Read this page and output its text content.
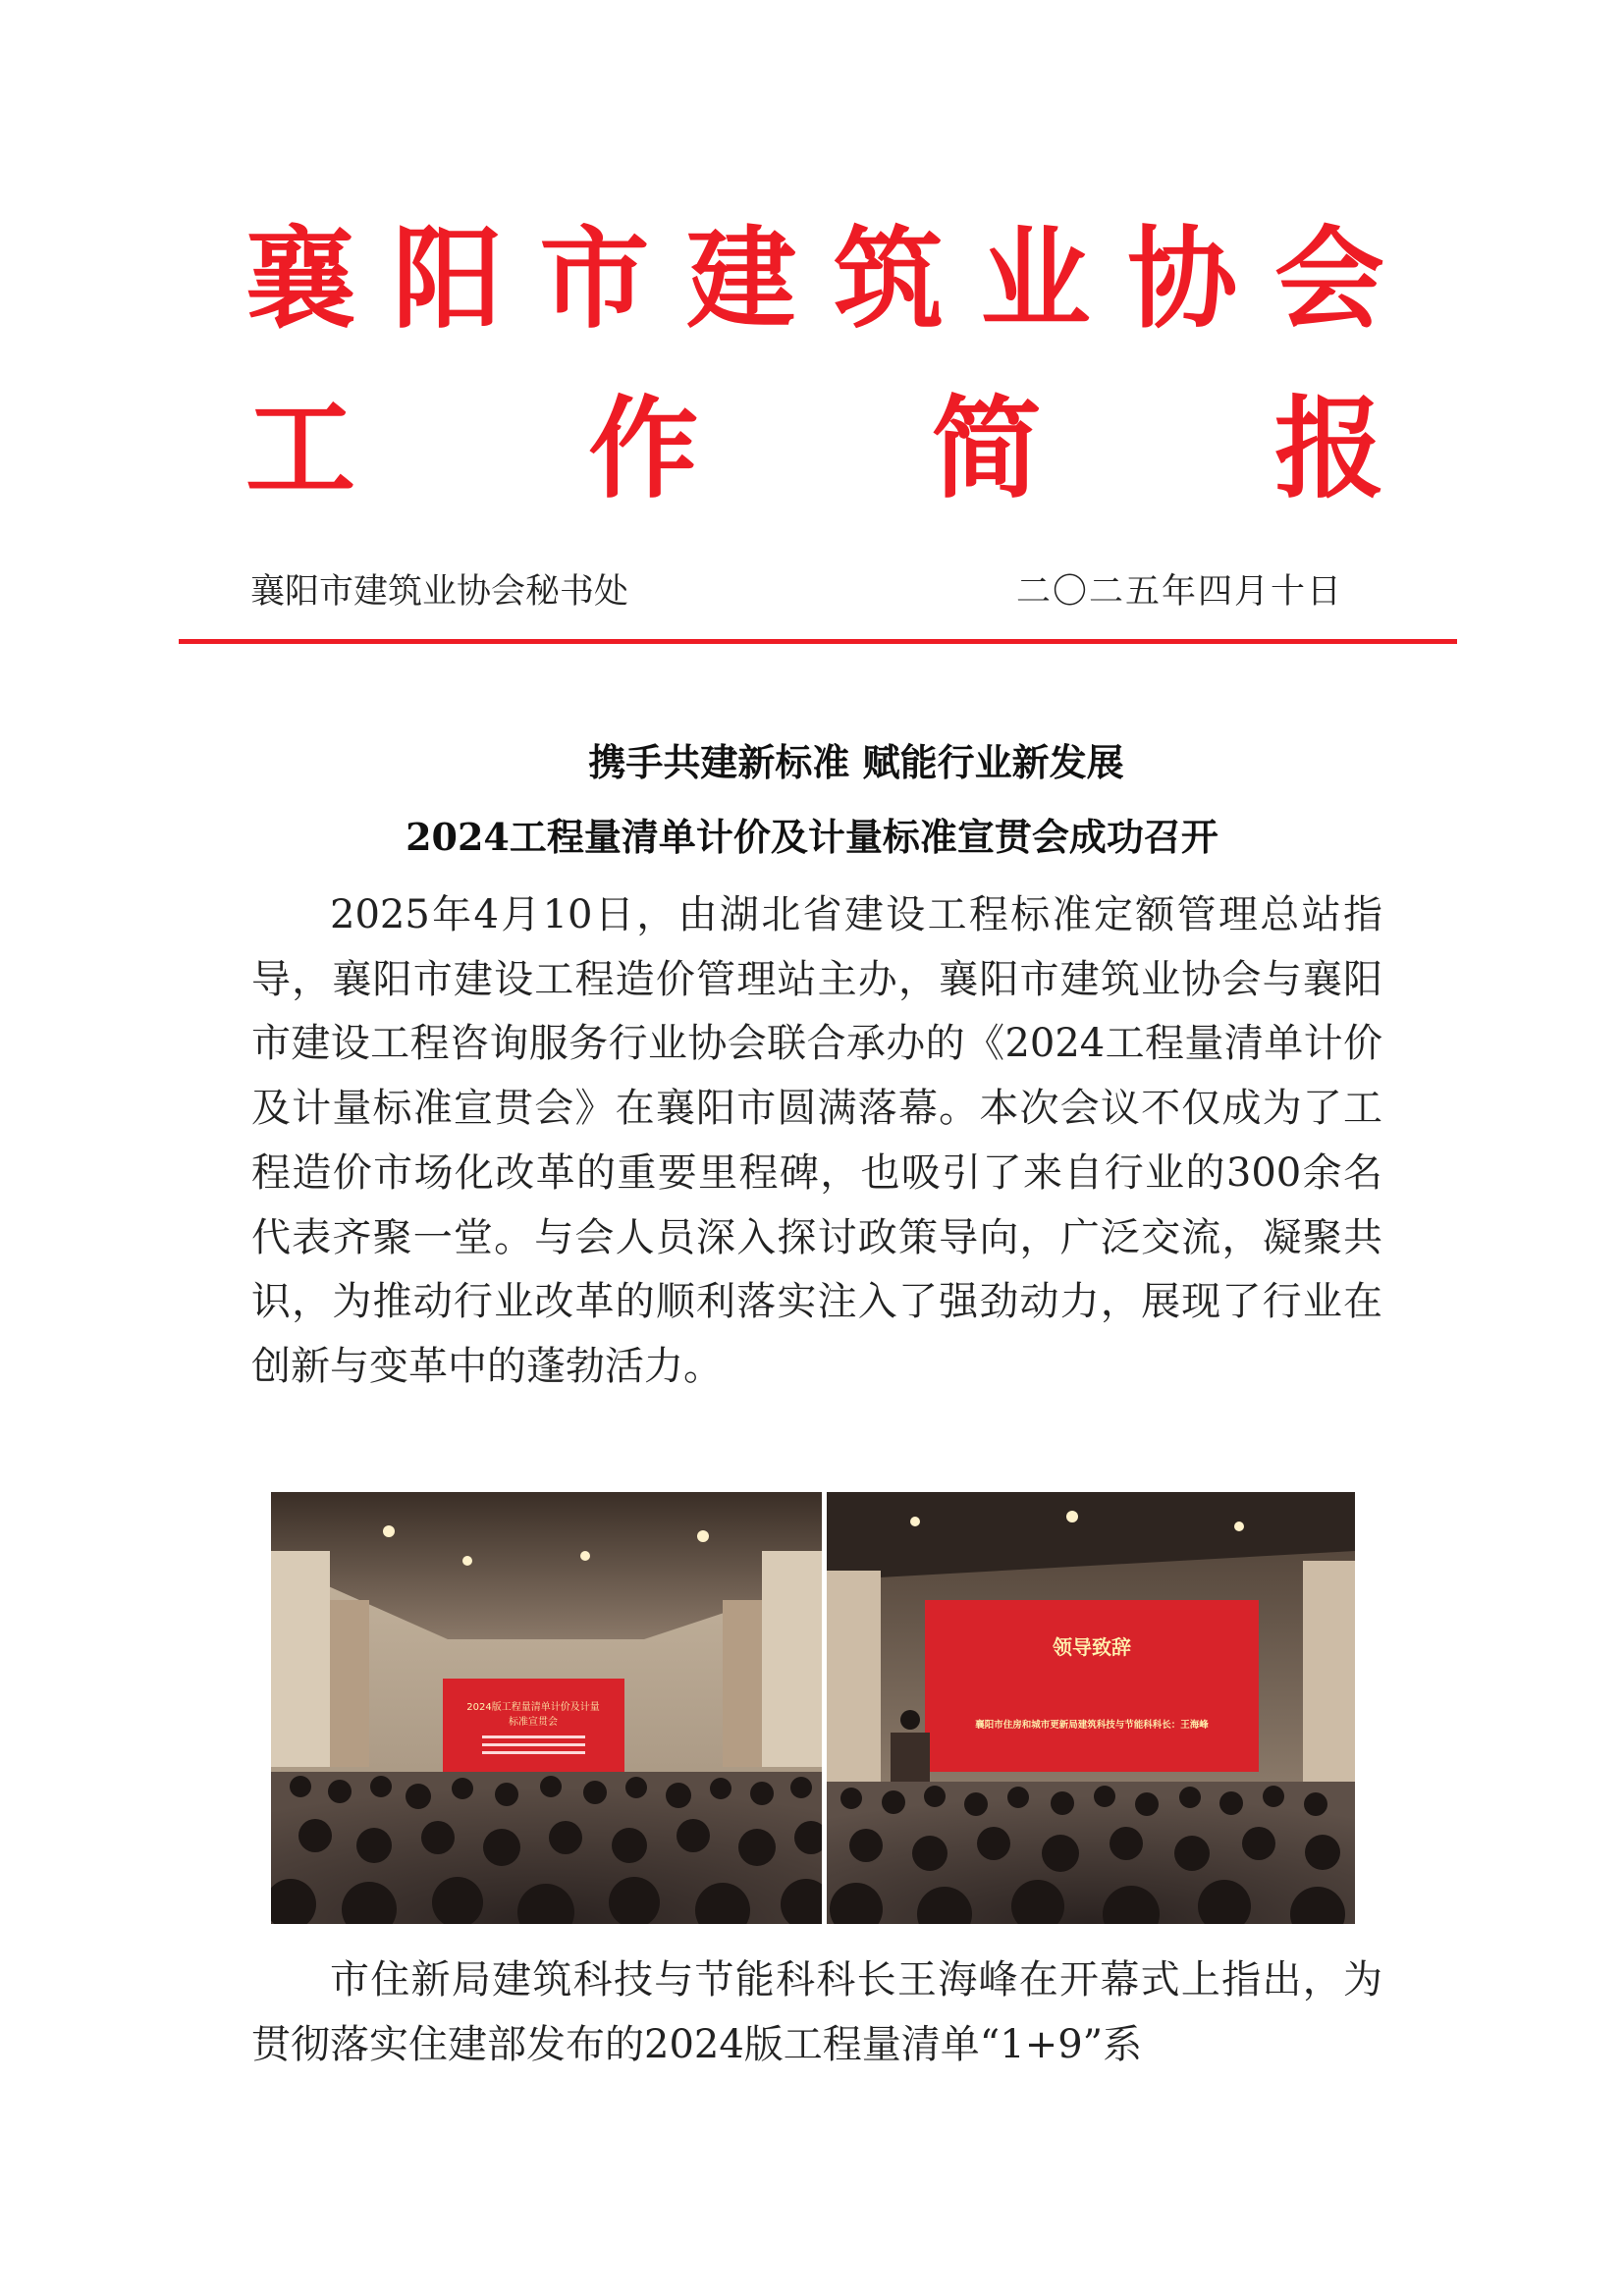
襄 阳 市 建 筑 业 协 会
工 作 简 报
襄阳市建筑业协会秘书处	二〇二五年四月十日
携手共建新标准 赋能行业新发展
2024工程量清单计价及计量标准宣贯会成功召开

2025年4月10日，由湖北省建设工程标准定额管理总站指导，襄阳市建设工程造价管理站主办，襄阳市建筑业协会与襄阳市建设工程咨询服务行业协会联合承办的《2024工程量清单计价及计量标准宣贯会》在襄阳市圆满落幕。本次会议不仅成为了工程造价市场化改革的重要里程碑，也吸引了来自行业的300余名代表齐聚一堂。与会人员深入探讨政策导向，广泛交流，凝聚共识，为推动行业改革的顺利落实注入了强劲动力，展现了行业在创新与变革中的蓬勃活力。

2024版工程量清单计价及计量
标准宣贯会
领导致辞
襄阳市住房和城市更新局建筑科技与节能科科长：王海峰

市住新局建筑科技与节能科科长王海峰在开幕式上指出，为贯彻落实住建部发布的2024版工程量清单“1+9”系
